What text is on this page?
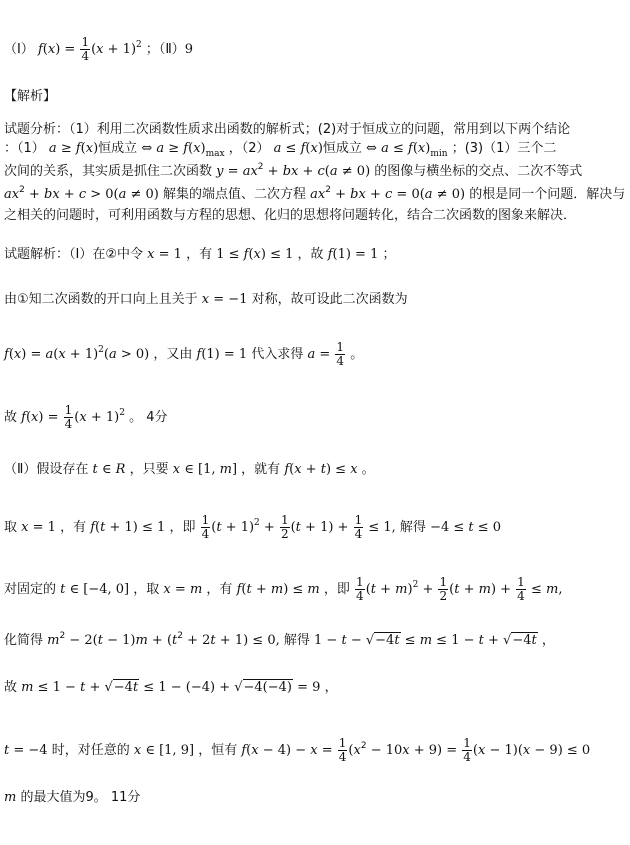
（Ⅰ） $f(x) = \frac{1}{4} (x + 1)^2$ ；（Ⅱ）9
【解析】
试题分析：（1）利用二次函数性质求出函数的解析式；(2)对于恒成立的问题，常用到以下两个结论
：（1） a ≥ f(x)恒成立 ⇔ $a \ge f(x)_{max}$ ，（2） a ≤ f(x)恒成立 ⇔ $a \le f(x)_{min}$ ；(3)（1）三个二
次间的关系，其实质是抓住二次函数 $y = ax^2$ + bx + c(a ≠ 0) 的图像与横坐标的交点、二次不等式
$ax^2$ + bx + c > 0(a ≠ 0) 解集的端点值、二次方程 $ax^2$ + bx + c = 0(a ≠ 0) 的根是同一个问题．解决与
之相关的问题时，可利用函数与方程的思想、化归的思想将问题转化，结合二次函数的图象来解决．
试题解析：（Ⅰ）在②中令 x = 1 ，有 1 ≤ f(x) ≤ 1 ，故 f(1) = 1 ；
由①知二次函数的开口向上且关于 x = −1 对称，故可设此二次函数为
$f(x) = a(x + 1)^2(a > 0)$ ，又由 f(1) = 1 代入求得 $a = \frac{1}{4}$ 。
故 $f(x) = \frac{1}{4} (x + 1)^2$ 。 4分
（Ⅱ）假设存在 t ∈ R ，只要 x ∈ [1, m] ，就有 f(x + t) ≤ x 。
取 x = 1 ，有 f(t + 1) ≤ 1 ，即 $\frac{1}{4} (t + 1)^2 + \frac{1}{2} (t + 1) + \frac{1}{4} \le 1$, 解得 −4 ≤ t ≤ 0
对固定的 t ∈ [−4, 0] ，取 x = m ，有 f(t + m) ≤ m ，即 $\frac{1}{4} (t + m)^2 + \frac{1}{2} (t + m) + \frac{1}{4} \le m$,
化简得 $m^2 - 2(t - 1)m + (t^2 + 2t + 1) \le 0$, 解得 1 − t − √−4t ≤ m ≤ 1 − t + √−4t ，
故 m ≤ 1 − t + √−4t ≤ 1 − (−4) + √−4(−4) = 9 ，
t = −4 时，对任意的 x ∈ [1, 9] ，恒有 $f(x - 4) - x = \frac{1}{4} (x^2 - 10x + 9) = \frac{1}{4} (x - 1)(x - 9) \le 0$
m 的最大值为9。 11分
